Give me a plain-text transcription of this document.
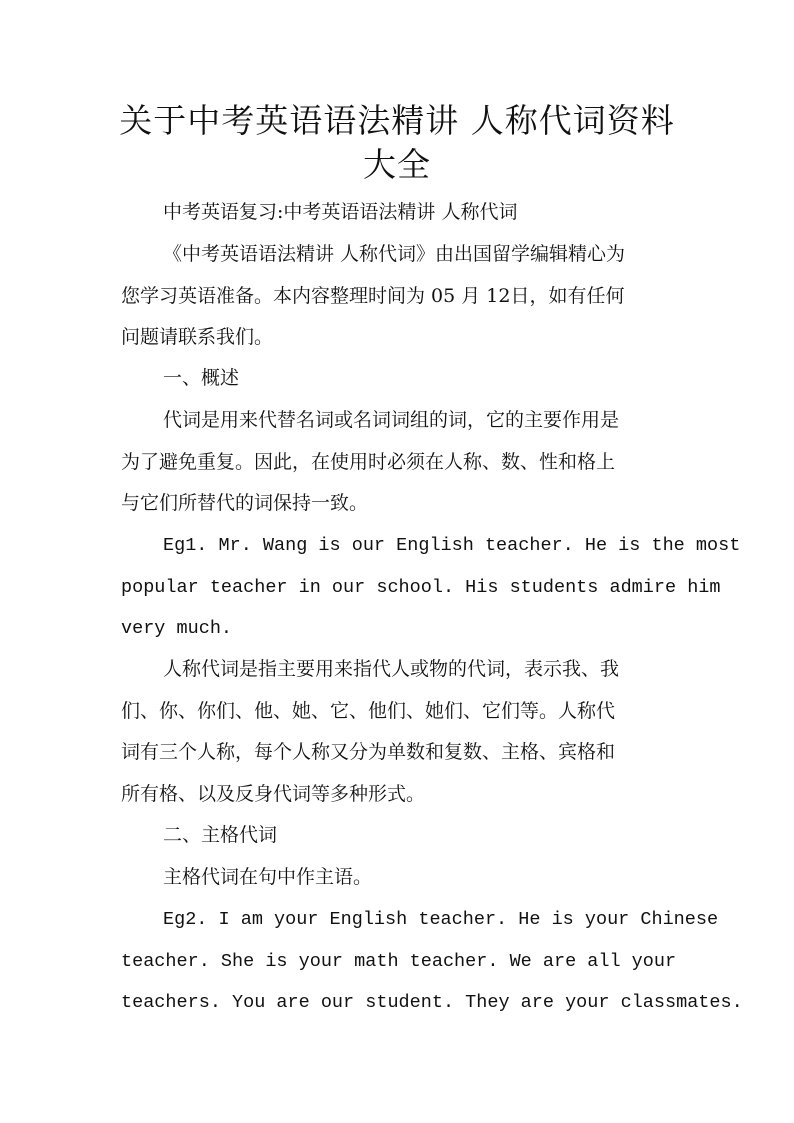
关于中考英语语法精讲 人称代词资料
大全

中考英语复习:中考英语语法精讲 人称代词

《中考英语语法精讲 人称代词》由出国留学编辑精心为
您学习英语准备。本内容整理时间为 05 月 12日，如有任何
问题请联系我们。

一、概述

代词是用来代替名词或名词词组的词，它的主要作用是
为了避免重复。因此，在使用时必须在人称、数、性和格上
与它们所替代的词保持一致。

Eg1. Mr. Wang is our English teacher. He is the most
popular teacher in our school. His students admire him
very much.

人称代词是指主要用来指代人或物的代词，表示我、我
们、你、你们、他、她、它、他们、她们、它们等。人称代
词有三个人称，每个人称又分为单数和复数、主格、宾格和
所有格、以及反身代词等多种形式。

二、主格代词

主格代词在句中作主语。

Eg2. I am your English teacher. He is your Chinese
teacher. She is your math teacher. We are all your
teachers. You are our student. They are your classmates.
